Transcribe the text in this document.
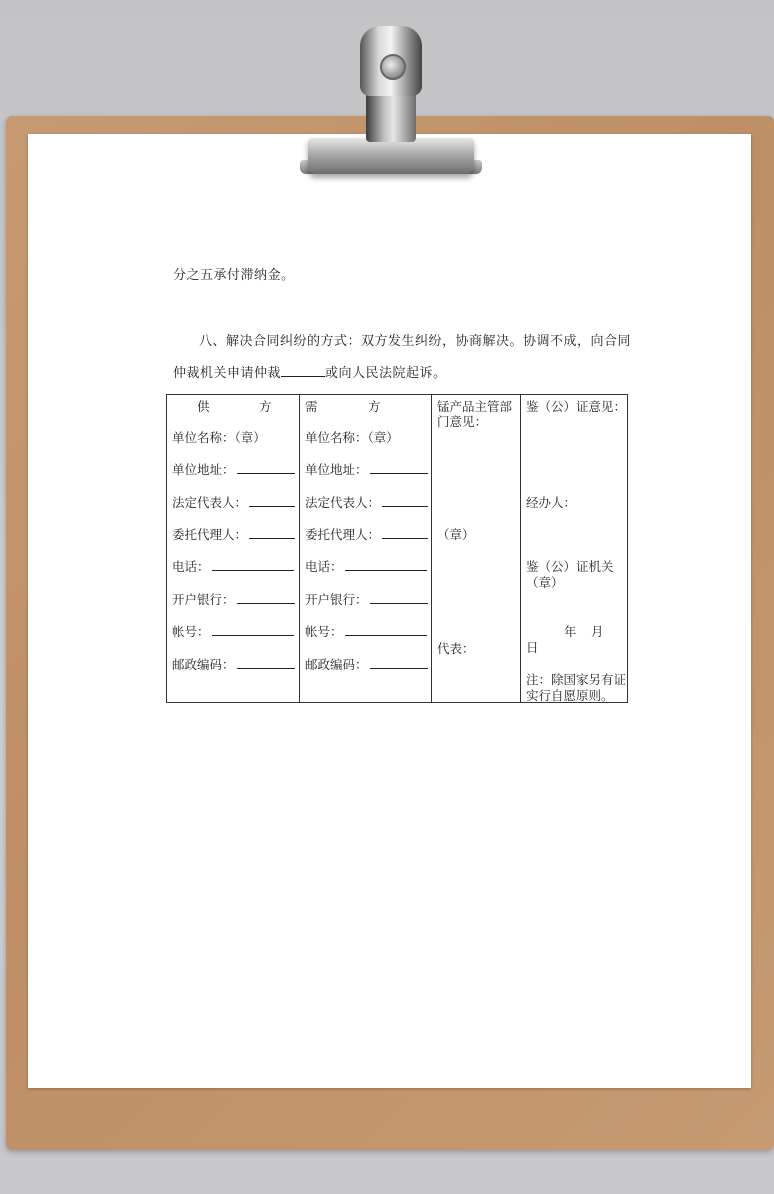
分之五承付滞纳金。
八、解决合同纠纷的方式：双方发生纠纷，协商解决。协调不成，向合同
仲裁机关申请仲裁	或向人民法院起诉。
供	方
单位名称：（章）
单位地址：
法定代表人：
委托代理人：
电话：
开户银行：
帐号：
邮政编码：

需	方
单位名称：（章）
单位地址：
法定代表人：
委托代理人：
电话：
开户银行：
帐号：
邮政编码：

锰产品主管部
门意见：
（章）
代表：

鉴（公）证意见：
经办人：
鉴（公）证机关
（章）
年 月
日
注：除国家另有证
实行自愿原则。
